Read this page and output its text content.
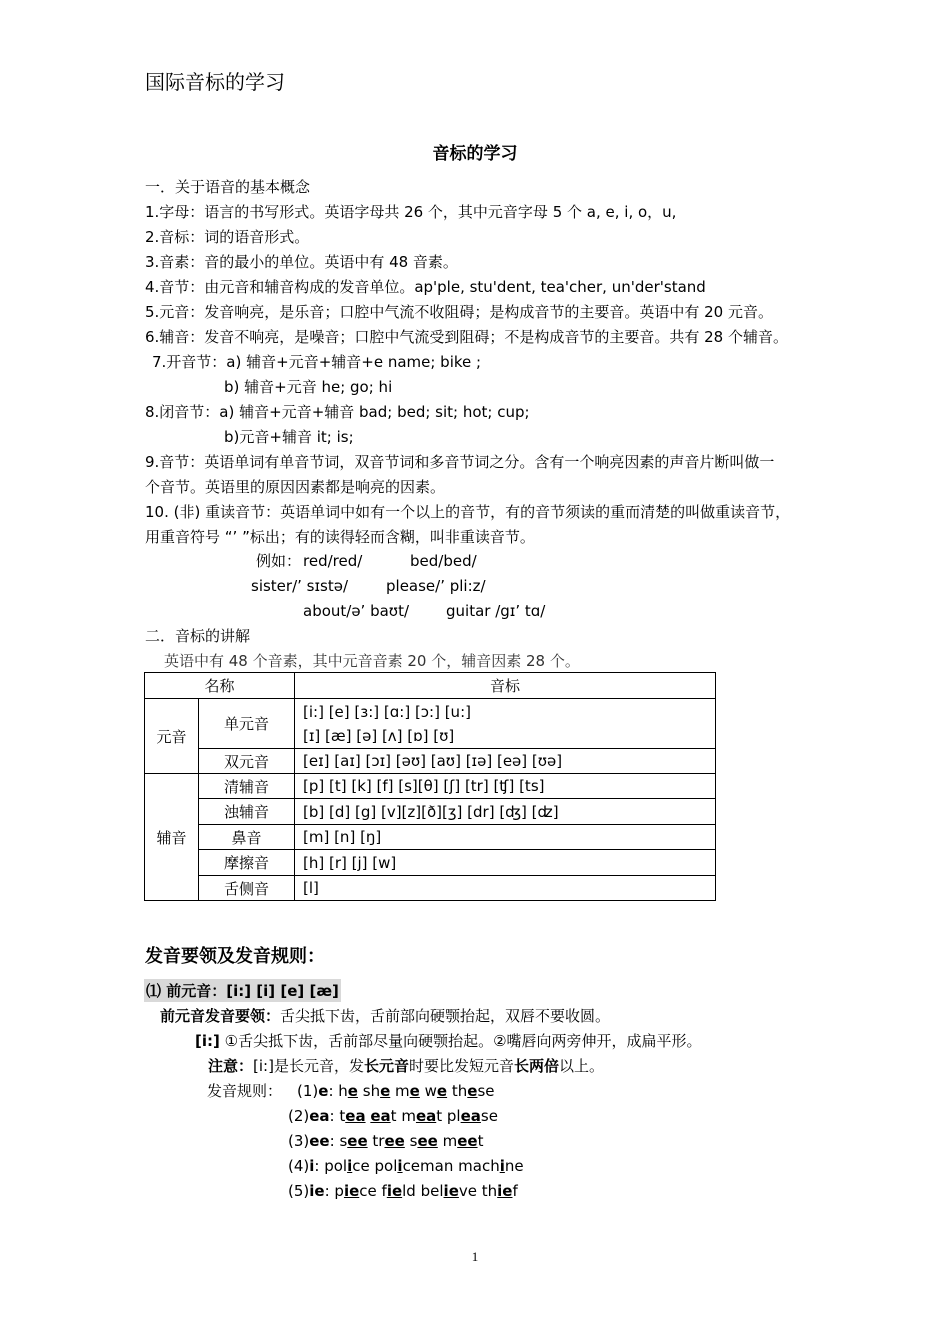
国际音标的学习
音标的学习
一．关于语音的基本概念
1.字母：语言的书写形式。英语字母共 26 个，其中元音字母 5 个 a, e, i, o，u,
2.音标：词的语音形式。
3.音素：音的最小的单位。英语中有 48 音素。
4.音节：由元音和辅音构成的发音单位。ap'ple, stu'dent, tea'cher, un'der'stand
5.元音：发音响亮，是乐音；口腔中气流不收阻碍；是构成音节的主要音。英语中有 20 元音。
6.辅音：发音不响亮，是噪音；口腔中气流受到阻碍；不是构成音节的主要音。共有 28 个辅音。
7.开音节：a) 辅音+元音+辅音+e name; bike ;
b) 辅音+元音 he; go; hi
8.闭音节：a) 辅音+元音+辅音 bad; bed; sit; hot; cup;
b)元音+辅音 it; is;
9.音节：英语单词有单音节词，双音节词和多音节词之分。含有一个响亮因素的声音片断叫做一
个音节。英语里的原因因素都是响亮的因素。
10. (非) 重读音节：英语单词中如有一个以上的音节，有的音节须读的重而清楚的叫做重读音节，
用重音符号 “’ ”标出；有的读得轻而含糊，叫非重读音节。
例如： red/red/	bed/bed/
sister/’ sɪstə/	please/’ pli:z/
about/ə’ baʊt/ guitar /gɪ’ tɑ/
二．音标的讲解
英语中有 48 个音素，其中元音音素 20 个，辅音因素 28 个。
名称		音标
元音	单元音	[i:] [e] [ɜ:] [ɑ:] [ɔ:] [u:]
[ɪ] [æ] [ə] [ʌ] [ɒ] [ʊ]

	双元音	[eɪ] [aɪ] [ɔɪ] [əʊ] [aʊ] [ɪə] [eə] [ʊə]
辅音	清辅音	[p] [t] [k] [f] [s][θ] [ʃ] [tr] [ʧ] [ts]
	浊辅音	[b] [d] [g] [v][z][ð][ʒ] [dr] [ʤ] [ʣ]
	鼻音	[m] [n] [ŋ]
	摩擦音	[h] [r] [j] [w]
	舌侧音	[l]
发音要领及发音规则：
⑴ 前元音：[i:] [i] [e] [æ]
前元音发音要领：舌尖抵下齿，舌前部向硬颚抬起，双唇不要收圆。
[i:] ①舌尖抵下齿，舌前部尽量向硬颚抬起。②嘴唇向两旁伸开，成扁平形。
注意：[i:]是长元音，发长元音时要比发短元音长两倍以上。
发音规则： (1)e: he she me we these
(2)ea: tea eat meat please
(3)ee: see tree see meet
(4)i: police policeman machine
(5)ie: piece field believe thief
1
